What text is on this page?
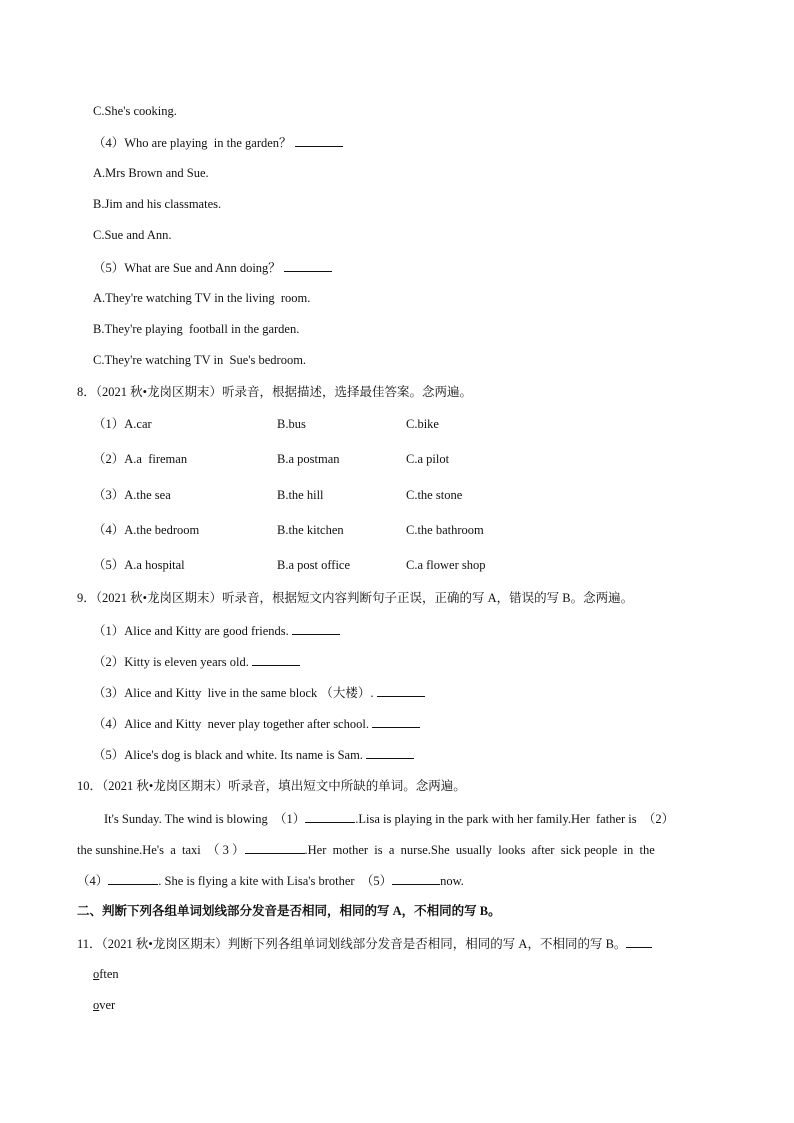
C.She's cooking.
（4）Who are playing  in the garden？
A.Mrs Brown and Sue.
B.Jim and his classmates.
C.Sue and Ann.
（5）What are Sue and Ann doing？
A.They're watching TV in the living  room.
B.They're playing  football in the garden.
C.They're watching TV in  Sue's bedroom.
8．（2021 秋•龙岗区期末）听录音，根据描述，选择最佳答案。念两遍。
（1）A.car	B.bus	C.bike
（2）A.a  fireman	B.a postman	C.a pilot
（3）A.the sea	B.the hill	C.the stone
（4）A.the bedroom	B.the kitchen	C.the bathroom
（5）A.a hospital	B.a post office	C.a flower shop
9．（2021 秋•龙岗区期末）听录音，根据短文内容判断句子正误，正确的写 A，错误的写 B。念两遍。
（1）Alice and Kitty are good friends.
（2）Kitty is eleven years old.
（3）Alice and Kitty  live in the same block （大楼）.
（4）Alice and Kitty  never play together after school.
（5）Alice's dog is black and white. Its name is Sam.
10．（2021 秋•龙岗区期末）听录音，填出短文中所缺的单词。念两遍。
It's Sunday. The wind is blowing  （1）	.Lisa is playing in the park with her family.Her  father is  （2）
the sunshine.He's  a  taxi  （ 3 ）	.Her  mother  is  a  nurse.She  usually  looks  after  sick people  in  the
（4）	. She is flying a kite with Lisa's brother  （5）	now.
二、判断下列各组单词划线部分发音是否相同，相同的写 A，不相同的写 B。
11．（2021 秋•龙岗区期末）判断下列各组单词划线部分发音是否相同，相同的写 A，不相同的写 B。
often
over
